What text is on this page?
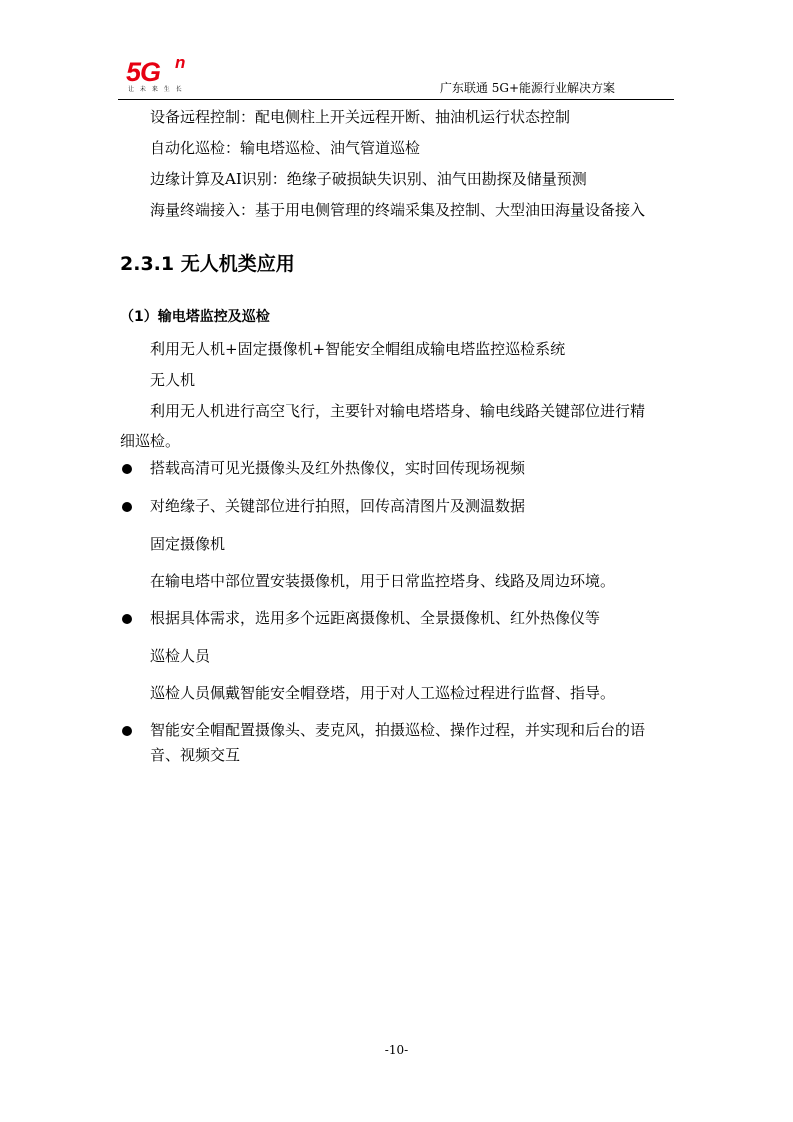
5G n
让 未 来 生 长	广东联通 5G+能源行业解决方案
设备远程控制：配电侧柱上开关远程开断、抽油机运行状态控制
自动化巡检：输电塔巡检、油气管道巡检
边缘计算及AI识别：绝缘子破损缺失识别、油气田勘探及储量预测
海量终端接入：基于用电侧管理的终端采集及控制、大型油田海量设备接入
2.3.1 无人机类应用
（1）输电塔监控及巡检
利用无人机+固定摄像机+智能安全帽组成输电塔监控巡检系统
无人机
利用无人机进行高空飞行，主要针对输电塔塔身、输电线路关键部位进行精
细巡检。
搭载高清可见光摄像头及红外热像仪，实时回传现场视频
对绝缘子、关键部位进行拍照，回传高清图片及测温数据
固定摄像机
在输电塔中部位置安装摄像机，用于日常监控塔身、线路及周边环境。
根据具体需求，选用多个远距离摄像机、全景摄像机、红外热像仪等
巡检人员
巡检人员佩戴智能安全帽登塔，用于对人工巡检过程进行监督、指导。
智能安全帽配置摄像头、麦克风，拍摄巡检、操作过程，并实现和后台的语
音、视频交互
-10-
